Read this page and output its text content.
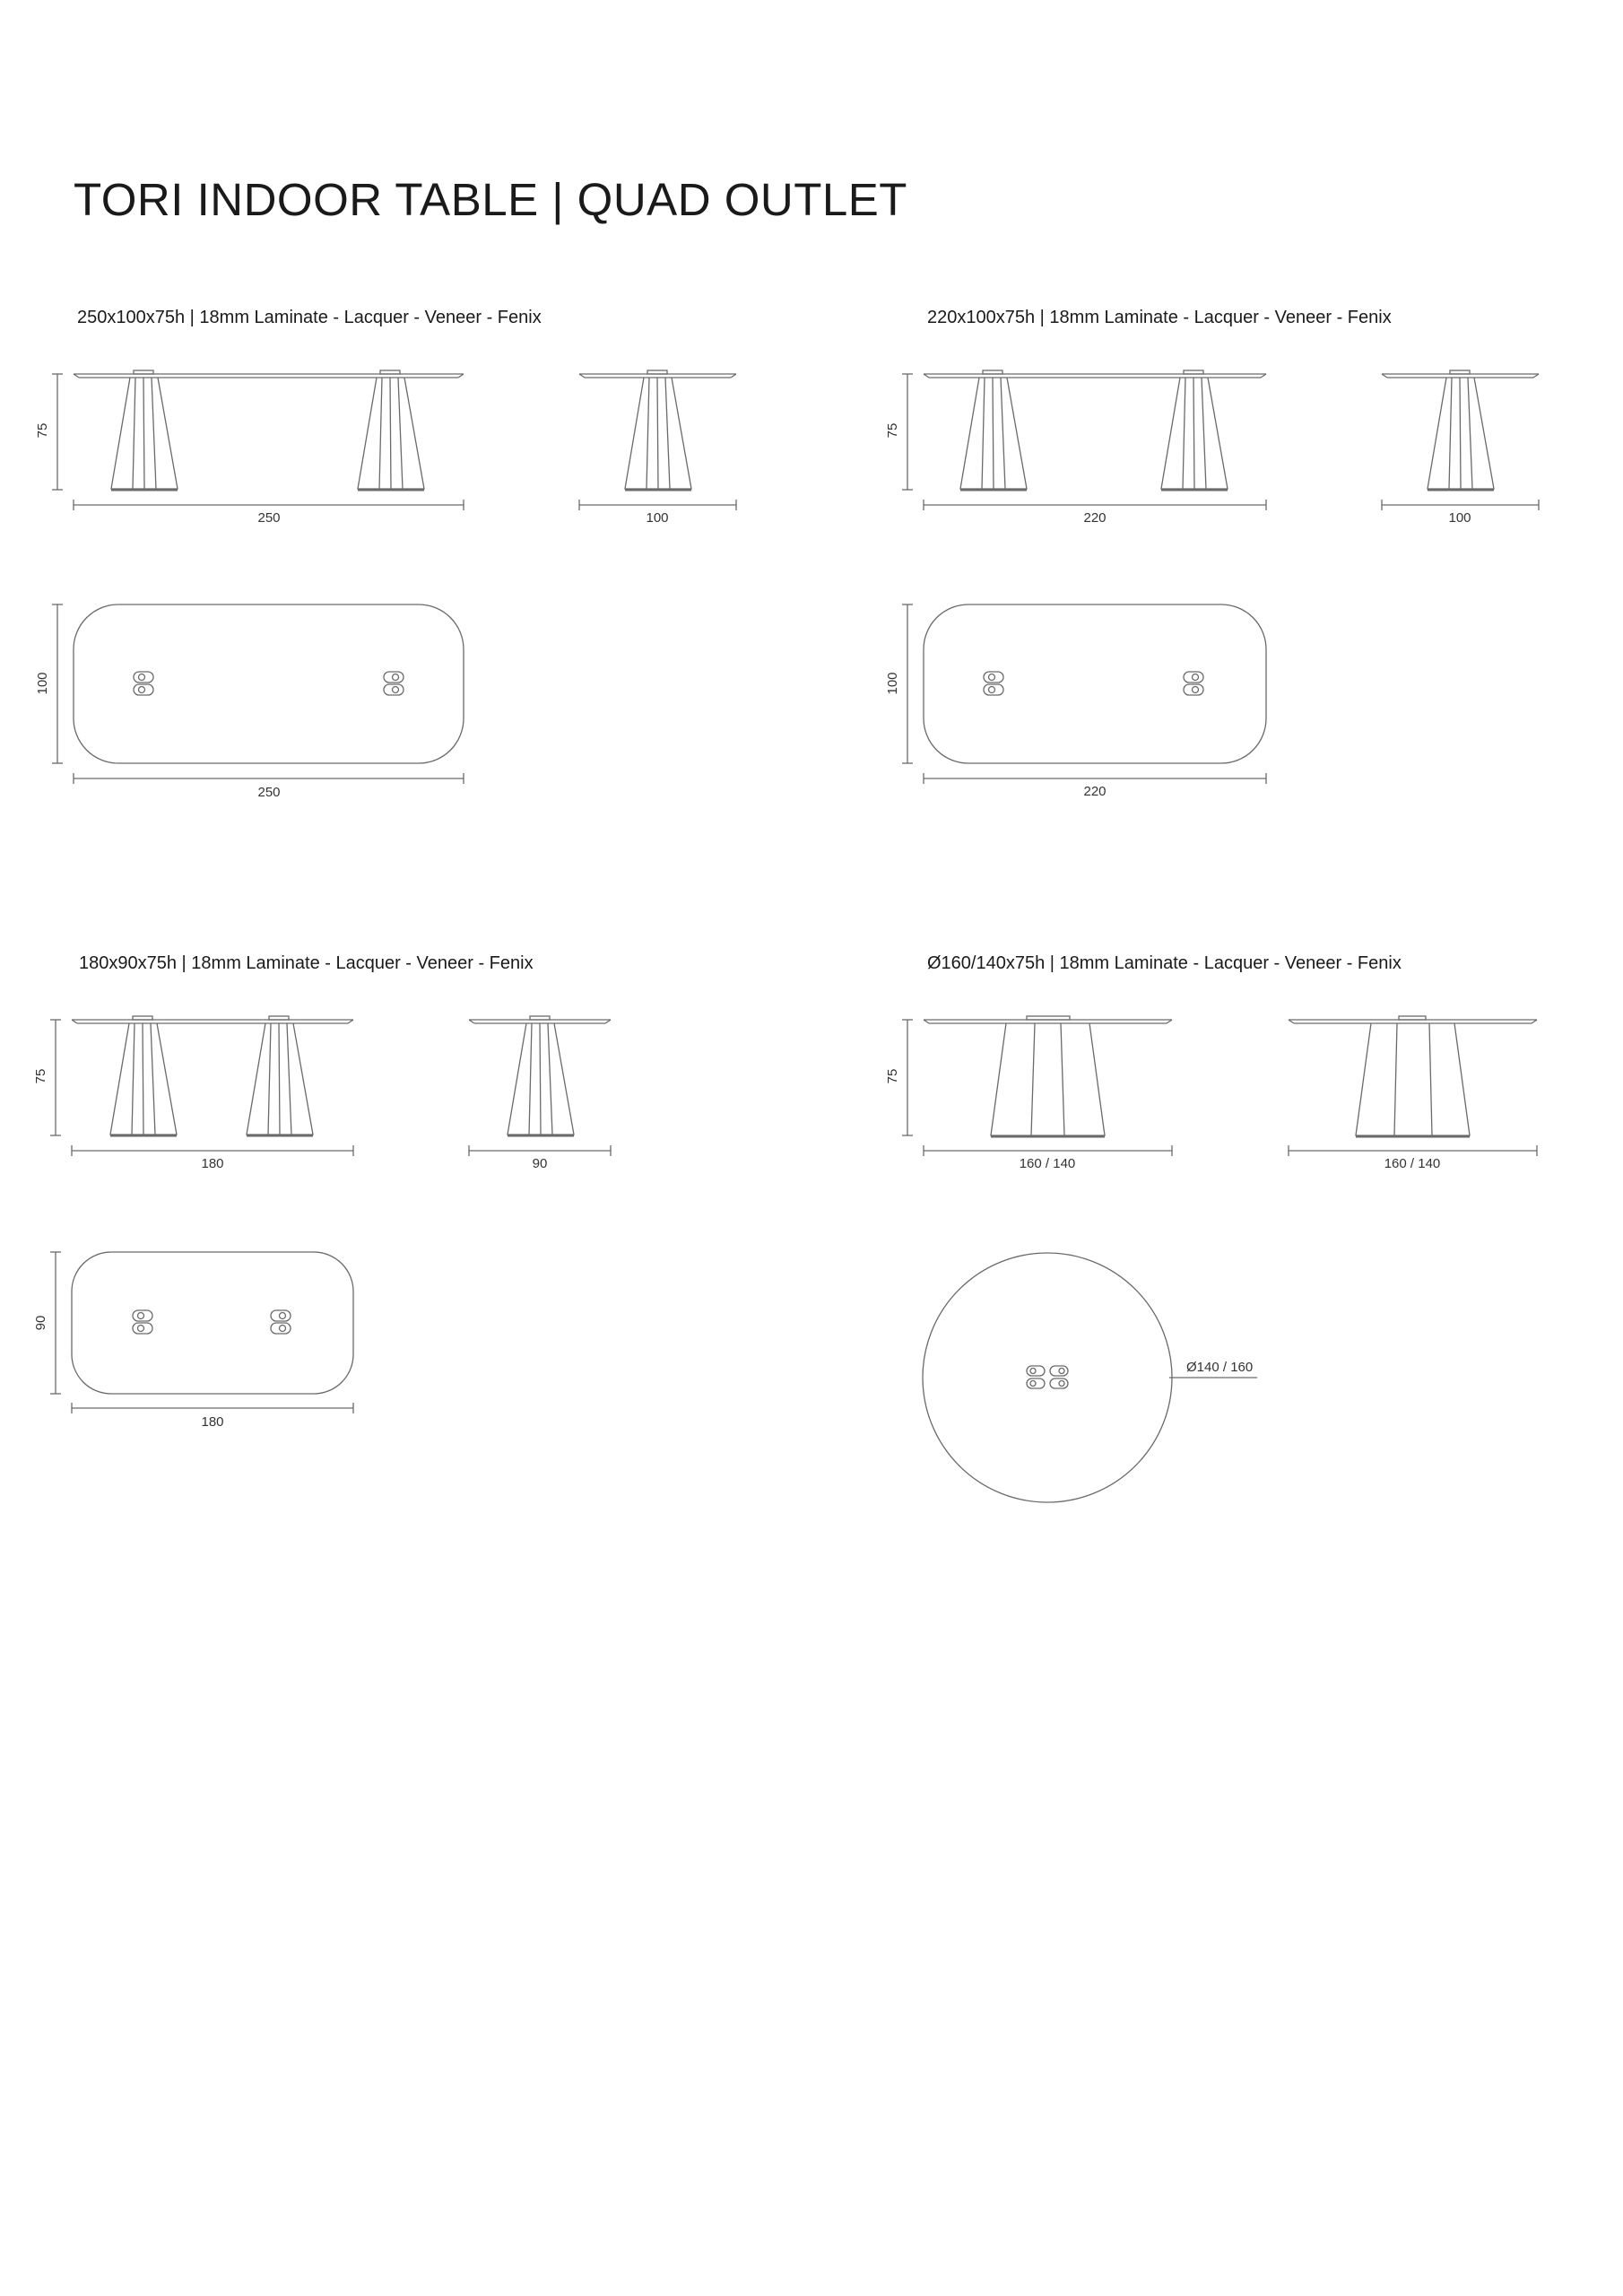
TORI INDOOR TABLE | QUAD OUTLET
250x100x75h | 18mm Laminate - Lacquer - Veneer - Fenix	220x100x75h | 18mm Laminate - Lacquer - Veneer - Fenix
180x90x75h | 18mm Laminate - Lacquer - Veneer - Fenix	Ø160/140x75h | 18mm Laminate - Lacquer - Veneer - Fenix
75
250	100
100
250
75
220	100
100
220
75
180	90
90
180
75
160 / 140	160 / 140
Ø140 / 160
